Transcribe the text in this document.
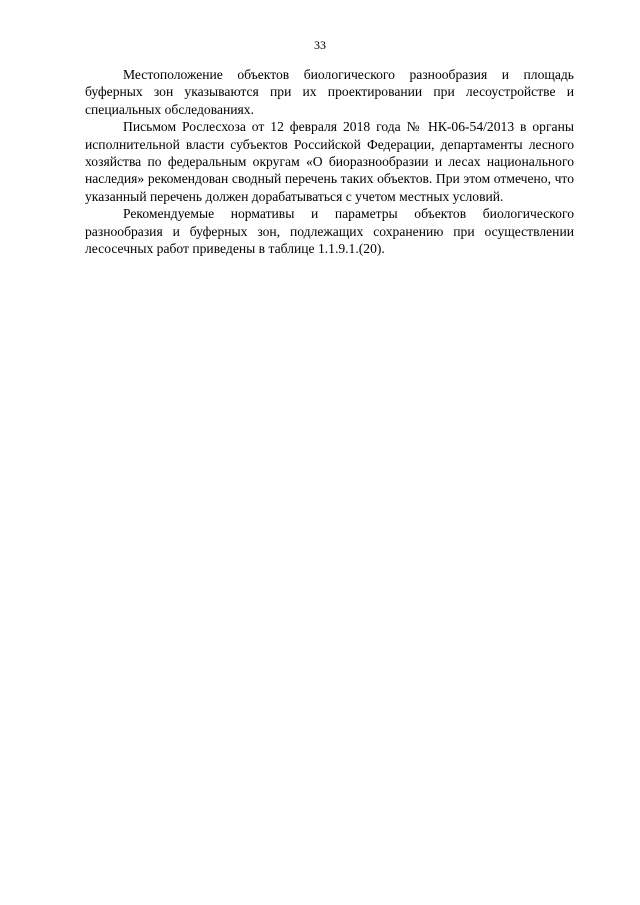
33

Местоположение объектов биологического разнообразия и площадь буферных зон указываются при их проектировании при лесоустройстве и специальных обследованиях.

Письмом Рослесхоза от 12 февраля 2018 года № НК-06-54/2013 в органы исполнительной власти субъектов Российской Федерации, департаменты лесного хозяйства по федеральным округам «О биоразнообразии и лесах национального наследия» рекомендован сводный перечень таких объектов. При этом отмечено, что указанный перечень должен дорабатываться с учетом местных условий.

Рекомендуемые нормативы и параметры объектов биологического разнообразия и буферных зон, подлежащих сохранению при осуществлении лесосечных работ приведены в таблице 1.1.9.1.(20).
